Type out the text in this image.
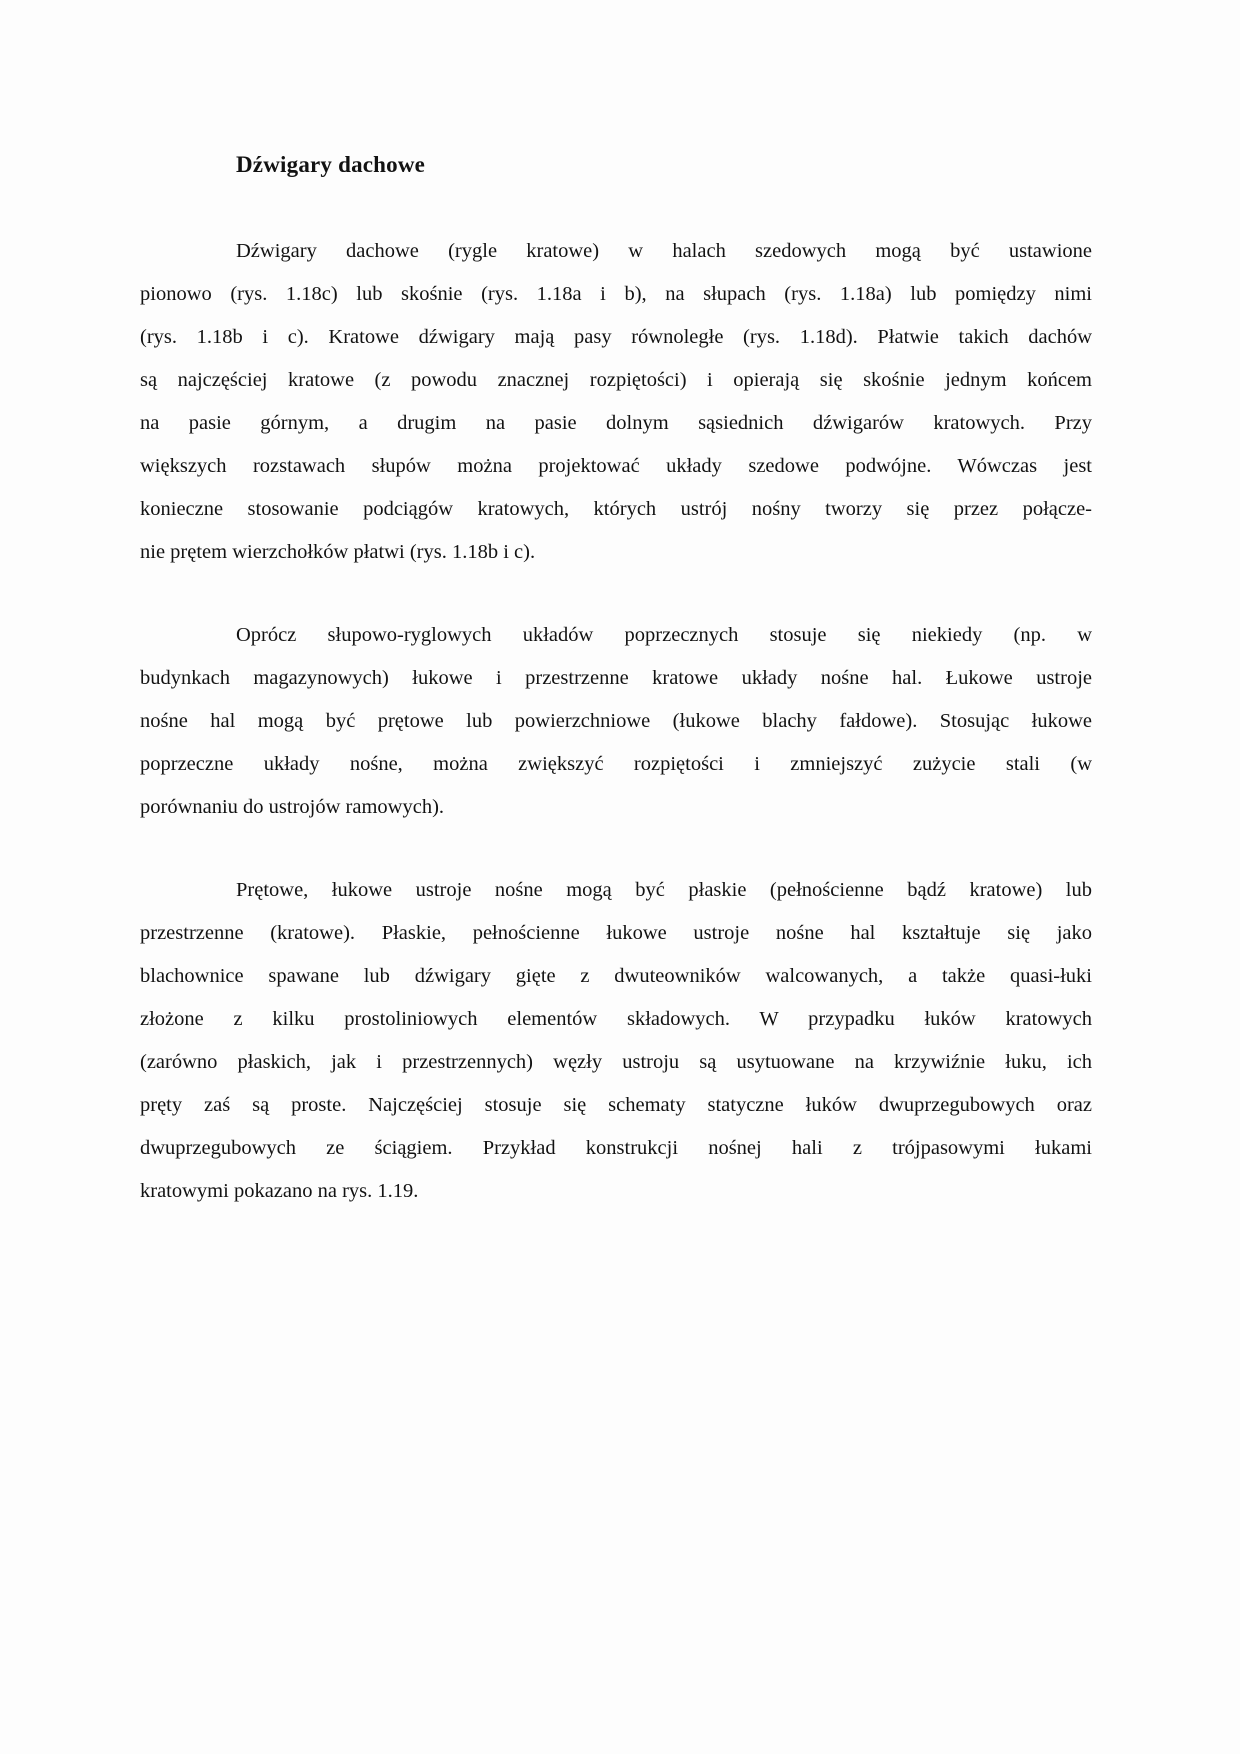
Dźwigary dachowe
Dźwigary dachowe (rygle kratowe) w halach szedowych mogą być ustawione
pionowo (rys. 1.18c) lub skośnie (rys. 1.18a i b), na słupach (rys. 1.18a) lub pomiędzy nimi
(rys. 1.18b i c). Kratowe dźwigary mają pasy równoległe (rys. 1.18d). Płatwie takich dachów
są najczęściej kratowe (z powodu znacznej rozpiętości) i opierają się skośnie jednym końcem
na pasie górnym, a drugim na pasie dolnym sąsiednich dźwigarów kratowych. Przy
większych rozstawach słupów można projektować układy szedowe podwójne. Wówczas jest
konieczne stosowanie podciągów kratowych, których ustrój nośny tworzy się przez połącze-
nie prętem wierzchołków płatwi (rys. 1.18b i c).
Oprócz słupowo-ryglowych układów poprzecznych stosuje się niekiedy (np. w
budynkach magazynowych) łukowe i przestrzenne kratowe układy nośne hal. Łukowe ustroje
nośne hal mogą być prętowe lub powierzchniowe (łukowe blachy fałdowe). Stosując łukowe
poprzeczne układy nośne, można zwiększyć rozpiętości i zmniejszyć zużycie stali (w
porównaniu do ustrojów ramowych).
Prętowe, łukowe ustroje nośne mogą być płaskie (pełnościenne bądź kratowe) lub
przestrzenne (kratowe). Płaskie, pełnościenne łukowe ustroje nośne hal kształtuje się jako
blachownice spawane lub dźwigary gięte z dwuteowników walcowanych, a także quasi-łuki
złożone z kilku prostoliniowych elementów składowych. W przypadku łuków kratowych
(zarówno płaskich, jak i przestrzennych) węzły ustroju są usytuowane na krzywiźnie łuku, ich
pręty zaś są proste. Najczęściej stosuje się schematy statyczne łuków dwuprzegubowych oraz
dwuprzegubowych ze ściągiem. Przykład konstrukcji nośnej hali z trójpasowymi łukami
kratowymi pokazano na rys. 1.19.
